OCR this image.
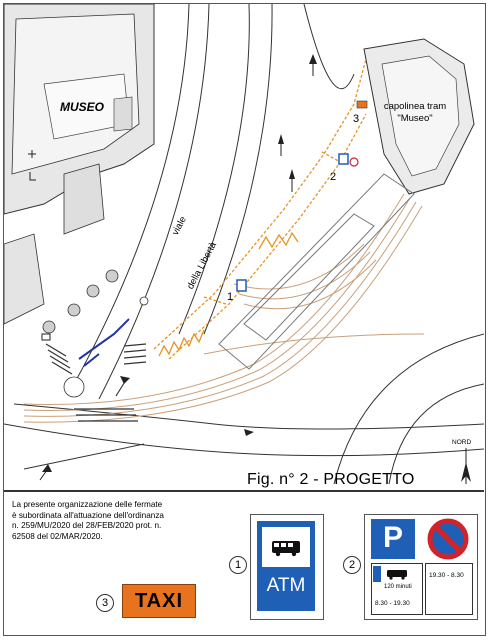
MUSEO
viale
della Libertà
capolinea tram
"Museo"
1
2
3
NORD
Fig. n° 2 - PROGETTO
La presente organizzazione delle fermate
è subordinata all'attuazione dell'ordinanza
n. 259/MU/2020 del 28/FEB/2020 prot. n.
62508 del 02/MAR/2020.
1
ATM
2
P
120 minuti
8.30 - 19.30
19.30 - 8.30
3	TAXI
